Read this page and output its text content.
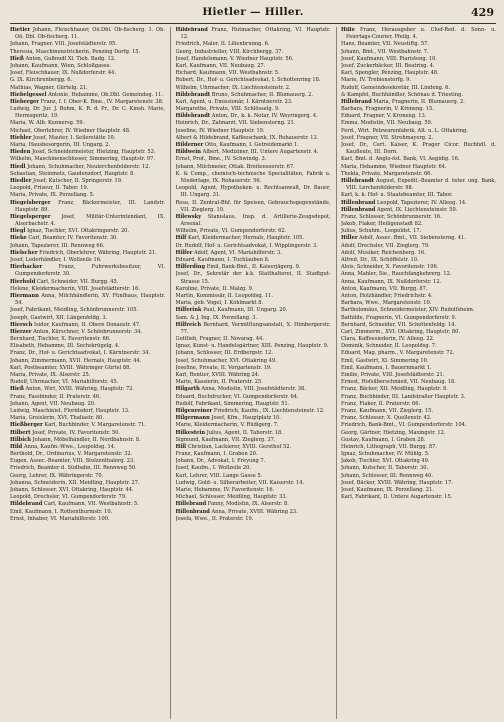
Hietler — Hiller.	429

Hietler Johann, Fleischhauer, Oö.Dbl. Ob-fischerg. 1. Ob. Oö. Dbl. Ob-fischerg. 11.

Johann, Fragner. VIII. Josefstädterstr. 95.

Theresia, Maschinenstrickerin, Penzing Dorfg. 15.

Hieß Anton, Gußnudl Xl. Tieb. Badg. 12.

Johann, Kaufmann, Wien, Schloßgasse.

Josef, Fleischhauer, IX. Nußdorferstr. 44.

G. IX. Kirchrenbergg. 6.

Mathias, Wagner, Gürtelg. 21.

Hiebelgessel Antonie, Hebamme, Ob.Dbl. Gemeindeg. 11.

Hieberger Franz, f. f. Ober-K. Bme., IV. Margaretenstr. 38.

Ludwig, Dr. Jur. J. Bohm, K. R. d. Pr., Dr. C. Kinsh. Marie, Hermsgeritz. 19.

Maria, W. Alb. Kunnersg. 59.

Michael, Oberlehrer, IV. Wiedner Hauptstr. 48.

Hiebler Josef, Mauter, I. Seilerstätte 10.

Maria, Hausbesorgerin, III. Ungarg. 2.

Hieden Josef, Schneidermeister, Hietzing, Hauptstr. 53.

Wilhelm, Maschinenschlosser, Simmering, Hauptstr. 97.

Hiedl Johann, Schuhmacher, Neulerchenfelderstr. 12.

Sebastian, Steinmetz, Gaudenzdorf, Hauptstr. 8.

Hiedler Josef, Kutscher, II. Springerstr. 19.

Leopold, Friseur, II. Tabor. 19.

Maria, Private, IX. Porzellang. 5.

Hiegelsberger Franz, Bäckermeister, III. Landstr. Hauptstr. 89.

Hiegelsperger Josef, Militär-Unterintendant, IX. Alserbachstr. 4.

Hiegl Ignaz, Tischler, XVI. Ottakringerstr. 20.

Hieke Carl, Beamter, IV. Favoritenstr. 30.

Johann, Tapezierer, III. Rennweg 66.

Hielscher Friedrich, Oberlehrer, Währing, Hauptstr. 21.

Josef, Lederhändler, I. Wollzeile 16.

Hierhacker	Franz, Fuhrwerksbesitzer, VI. Gumpendorferstr. 30.

Hierhold Carl, Schneider, VII. Burgg. 45.

Helene, Kleidermacherin, VIII. Josefstädterstr. 16.

Hiermann Anna, Milchhändlerin, XV. Fünfhaus, Hauptstr. 54.

Josef, Fabrikant, Meidling, Schönbrunnerstr. 105.

Joseph, Gastwirt, XII. Längenfeldg. 3.

Hiersch Isidor, Kaufmann, II. Obere Donaustr. 47.

Hierzer Anton, Kürschner, V. Schönbrunnerstr. 34.

Bernhard, Tischler, X. Favoritenstr. 66.

Elisabeth, Hebamme, III. Sechskrügelg. 4.

Franz, Dr., Hof- u. Gerichtsadvokat, I. Kärntnerstr. 34.

Johann, Zimmermann, XVII. Hernals, Hauptstr. 44.

Karl, Postbeamter, XVIII. Währinger Gürtel 88.

Maria, Private, IX. Alserstr. 25.

Rudolf, Uhrmacher, VI. Mariahilferstr. 45.

Hieß Anton, Wirt, XVIII. Währing, Hauptstr. 72.

Franz, Fassbinder, II. Praterstr. 46.

Johann, Agent, VII. Neubaug. 20.

Ludwig, Maschinist, Floridsdorf, Hauptstr. 13.

Maria, Greislerin, XVI. Thaliastr. 80.

Hießberger Karl, Buchbinder, V. Margaretenstr. 71.

Hilbert Josef, Private, IV. Favoritenstr. 50.

Hilbich Johann, Möbelhändler, II. Nordbahnstr. 8.

Hild Anna, Kaufm.-Wwe., Leopoldsg. 14.

Berthold, Dr., Ordinarius, V. Margaretenstr. 32.

Eugen, Assec.-Beamter, VIII. Stolzenthalerg. 23.

Friedrich, Beamter d. Südbahn, III. Rennweg 50.

Georg, Lehrer, IX. Währingerstr. 70.

Johanna, Schneiderin, XII. Meidling, Hauptstr. 27.

Johann, Schlosser, XVI. Ottakring, Hauptstr. 44.

Leopold, Drechsler, VI. Gumpendorferstr. 79.

Hildebrand Carl, Kaufmann, VII. Westbahnstr. 5.

Emil, Kaufmann, I. Rothenthurmstr. 10.

Ernst, Inhaber, VI. Mariahilferstr. 100.

Hildebrand Franz, Hutmacher, Ottakring, VI. Hauptstr. 12.

Friedrich, Maler, II. Lilienbrunng. 6.

Georg, Industrieller, VIII. Kirchbergg. 37.

Josef, Handelsmann, V. Wiedner Hauptstr. 56.

Karl, Kaufmann, VII. Neubaug. 27.

Richard, Kaufmann, VII. Westbahnstr. 5.

Robert, Dr., Hof- u. Gerichtsadvokat, I. Schottenring 18.

Wilhelm, Uhrmacher, IX. Liechtensteinstr. 2.

Hildebrandt Bruno, Schuhmacher, II. Blumauerg. 2.

Karl, Agent, u. Emissionär, I. Kärntnerstr. 23.

Margarethe, Private, VIII. Schlösselg. 9.

Hildebrandt Anton, Dr., k. k. Notar, IV. Weyringerg. 4.

Heinrich, Dr., Zahnarzt, VII. Siebensterng. 21.

Josefine, IV. Wiedner Hauptstr. 19.

Albert & Hildebrand, Kaffeeschank, IX. Rohauerstr. 13.

Hilderner Otto, Kaufmann, I. Getreidemarkt 1.

Hildwein Albert, Mediziner, III. Untere Augartenstr. 4.

Ernst, Prof., Bme., IV. Schwindg. 3.

Johann, Milchmeier, Ottak. Breitenseerstr. 67.

K. & Comp., chemisch-technische Specialitäten, Fabrik u. Niederlage, IX. Rohauerstr. 56.

Leopold, Agent, Hypotheken- u. Rechtsanwalt, Dr. Bauer, III. Ungarg. 31.

Rosa, II. Zentral-Bhf. für Speisen, Gebrauchsgegenstände, VII. Zieglerg. 10.

Hilewsky Stanislaus, Insp. d. Artillerie-Zeugsdepot, Arsenal.

Wilhelm, Private, VI. Gumpendorferstr. 62.

Hilf Karl, Kleidermacher, Hernals, Hauptstr. 105.

Dr. Rudolf, Hof- u. Gerichtsadvokat, I. Wipplingerstr. 3.

Hilfer Adolf, Agent, VI. Mariahilferstr. 3.

Eduard, Kaufmann, I. Tuchlauben 8.

Hilferding Emil, Bank-Bmt., II. Kaiserjägerg. 9.

Josef, Dr., Sekretär der k.k. Statthalterei, II. Stadtgut-Strasse 15.

Karoline, Private, II. Malzg. 9.

Martin, Kommissär, II. Leopoldsg. 11.

Maria, geb. Vogel, I. Kohlmarkt 8.

Hilferink Paul, Kaufmann, III. Ungarg. 20.

Sam. & J. Ing. IX. Porzellang. 3.

Hilfreich Bernhard, Vermittlungsanstalt, X. Himbergerstr. 77.

Gottlieb, Fragner, II. Novarag. 44.

Ignaz, Kunst- u. Handelsgärtner, XIII. Penzing, Hauptstr. 9.

Johann, Schlosser, III. Erdbergstr. 12.

Josef, Schuhmacher, XVI. Ottakring 49.

Josefine, Private, II. Vorgartenstr. 19.

Karl, Rentier, XVIII. Währing 24.

Marie, Kassierin, II. Praterstr. 25.

Hilgarth Anna, Modistin, VIII. Josefstädterstr. 38.

Eduard, Buchdrucker, VI. Gumpendorferstr. 64.

Rudolf, Fabrikant, Simmering, Hauptstr. 51.

Hilgenreiner Friedrich, Kaufm., IX. Liechtensteinstr. 12.

Hilgermann Josef, Kfm., Hauptplatz 10.

Marie, Kleidermacherin, V. Rüdigerg. 7.

Hilkestein Julius, Agent, II. Taborstr. 18.

Sigmund, Kaufmann, VII. Zieglerg. 37.

Hill Christian, Lackierer, XVIII. Gersthof 52.

Franz, Kaufmann, I. Graben 20.

Johann, Dr., Advokat, I. Freyung 7.

Josef, Kaufm., I. Wollzeile 20.

Karl, Lehrer, VIII. Lange Gasse 5.

Ludwig, Gold- u. Silberarbeiter, VII. Kaiserstr. 14.

Marie, Hebamme, IV. Favoritenstr. 16.

Michael, Schlosser, Meidling, Hauptstr. 33.

Hillebrand Fanny, Modistin, IX. Alserstr. 8.

Hillenbrand Anna, Private, XVIII. Währing 23.

Josefa, Wwe., II. Praterstr. 19.

Hille Franz, Herausgeber u. Chef-Red. d. Sonn- u. Feiertags-Courier, Pfeilg. 4.

Hans, Beamter, VII. Neustiftg. 57.

Johann, Bmt., VII. Westbahnstr. 7.

Josef, Kaufmann, VIII. Piaristeng. 10.

Josef, Zuckerbäcker, III. Beatrixg. 4.

Karl, Spengler, Penzing, Hauptstr. 48.

Marie, IV. Trebienstorfg. 9.

Rudolf, Gemeindesekretär, III. Lindeng. 6.

& Kampfel, Buchhändler, Schönau d. Triesting.

Hillebrand Maria, Fragnerin, II. Blumauerg. 2.

Barbara, Fragnerin, V. Kroneng. 15.

Eduard, Fragner, V. Kroneng. 13.

Emma, Modistin, VII. Neubaug. 59.

Ferd., Wirt. Pelzwarenfabrik, Alt. u. L. Ottakring.

Josef, Fragner, VII. Strohmayerg. 2.

Josef, Dr., Cert. Kaiser, K. Prager Cicor. Buchhdl. d. Kaufleute, III. Dorn.

Karl, Bmt. d. Anglo-öst. Bank, VI. Aegidig. 16.

Maria, Hebamme, Wiedner Hauptstr. 64.

Thekla, Private, Margaretenstr. 66.

Hillebrandt August, Expedit.-Beamter d. öster. ung. Bank, VIII. Lerchenfelderstr. 98.

Karl, k. k. Hof- u. Staatsbeamter, III. Tabor.

Hillenbrand Leopold, Tapezierer, IV. Alleeg. 14.

Hillenbrand Agent, IX. Liechtensteinstr. 50.

Franz, Schlosser, Schönbrunnerstr. 16.

Jakob, Fiaker, Heiligenstadt 82.

Julius, Schuhm., Leopoldst. 17.

Hiller Adolf, Assec. Bmt., VII. Siebensterng. 41.

Adolf, Drechsler, VII. Zieglerg. 79.

Adolf, Musiker, Reichenberg. 16.

Alfred, Dr., IX. Schöffelstr. 10.

Alois, Schneider, X. Favoritenstr. 106.

Anna, Mahler, Sie., Rauchfangkehrerg. 12.

Anna, Kaufmann, IX. Nußdorferstr. 12.

Anton, Kaufmann, VII. Burgg. 87.

Anton, Holzhändler, Friedrichstr. 4.

Barbara, Wwe., Margaretenstr. 10.

Bartholomäus, Schneidermeister, XIV. Rudolfsheim.

Bathilde, Fragnerin, VI. Gumpendorferstr. 9.

Bernhard, Schneider, VII. Schottenfeldg. 14.

Carl, Zimmerm., XVI. Ottakring, Hauptstr. 80.

Clara, Kaffeesiederin, IV. Alleeg. 22.

Dominik, Schneider, II. Leopoldsg. 7.

Eduard, Mag. pharm., V. Margaretenstr. 72.

Emil, Gastwirt, XI. Simmering 10.

Emil, Kaufmann, I. Bauernmarkt 1.

Emilie, Private, VIII. Josefstädterstr. 21.

Ernest, Hofsilberschmied, VII. Neubaug. 18.

Franz, Bäcker, XII. Meidling, Hauptstr. 8.

Franz, Buchbinder, III. Landstraßer Hauptstr. 3.

Franz, Fiaker, II. Praterstr. 66.

Franz, Kaufmann, VII. Zieglerg. 15.

Franz, Schlosser, X. Quellenstr. 42.

Friedrich, Bank-Bmt., VI. Gumpendorferstr. 104.

Georg, Gärtner, Hietzing, Maxingstr. 12.

Gustav, Kaufmann, I. Graben 28.

Heinrich, Lithograph, VII. Burgg. 87.

Ignaz, Schuhmacher, IV. Mühlg. 5.

Jakob, Tischler, XVI. Ottakring 49.

Johann, Kutscher, II. Taborstr. 30.

Johann, Schlosser, III. Rennweg 40.

Josef, Bäcker, XVIII. Währing, Hauptstr. 17.

Josef, Kaufmann, IX. Porzellang. 21.

Karl, Fabrikant, II. Untere Augartenstr. 15.
